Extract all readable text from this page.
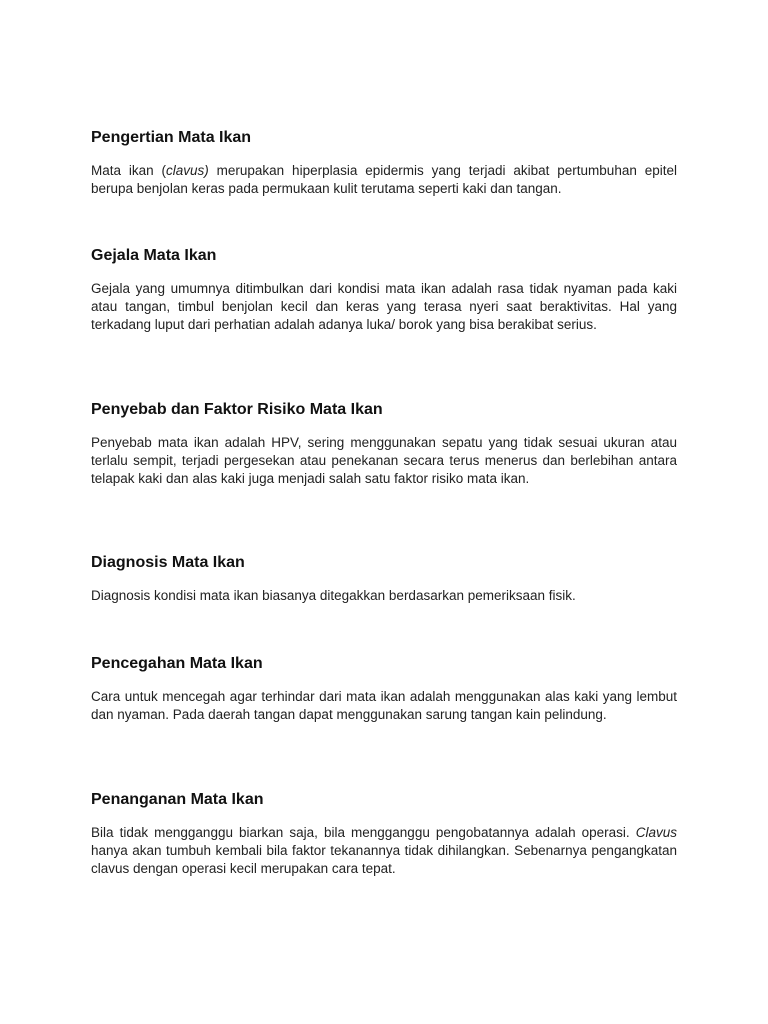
Pengertian Mata Ikan

Mata ikan (clavus) merupakan hiperplasia epidermis yang terjadi akibat pertumbuhan epitel berupa benjolan keras pada permukaan kulit terutama seperti kaki dan tangan.

Gejala Mata Ikan

Gejala yang umumnya ditimbulkan dari kondisi mata ikan adalah rasa tidak nyaman pada kaki atau tangan, timbul benjolan kecil dan keras yang terasa nyeri saat beraktivitas. Hal yang terkadang luput dari perhatian adalah adanya luka/ borok yang bisa berakibat serius.

Penyebab dan Faktor Risiko Mata Ikan

Penyebab mata ikan adalah HPV, sering menggunakan sepatu yang tidak sesuai ukuran atau terlalu sempit, terjadi pergesekan atau penekanan secara terus menerus dan berlebihan antara telapak kaki dan alas kaki juga menjadi salah satu faktor risiko mata ikan.

Diagnosis Mata Ikan

Diagnosis kondisi mata ikan biasanya ditegakkan berdasarkan pemeriksaan fisik.

Pencegahan Mata Ikan

Cara untuk mencegah agar terhindar dari mata ikan adalah menggunakan alas kaki yang lembut dan nyaman. Pada daerah tangan dapat menggunakan sarung tangan kain pelindung.

Penanganan Mata Ikan

Bila tidak mengganggu biarkan saja, bila mengganggu pengobatannya adalah operasi. Clavus hanya akan tumbuh kembali bila faktor tekanannya tidak dihilangkan. Sebenarnya pengangkatan clavus dengan operasi kecil merupakan cara tepat.
